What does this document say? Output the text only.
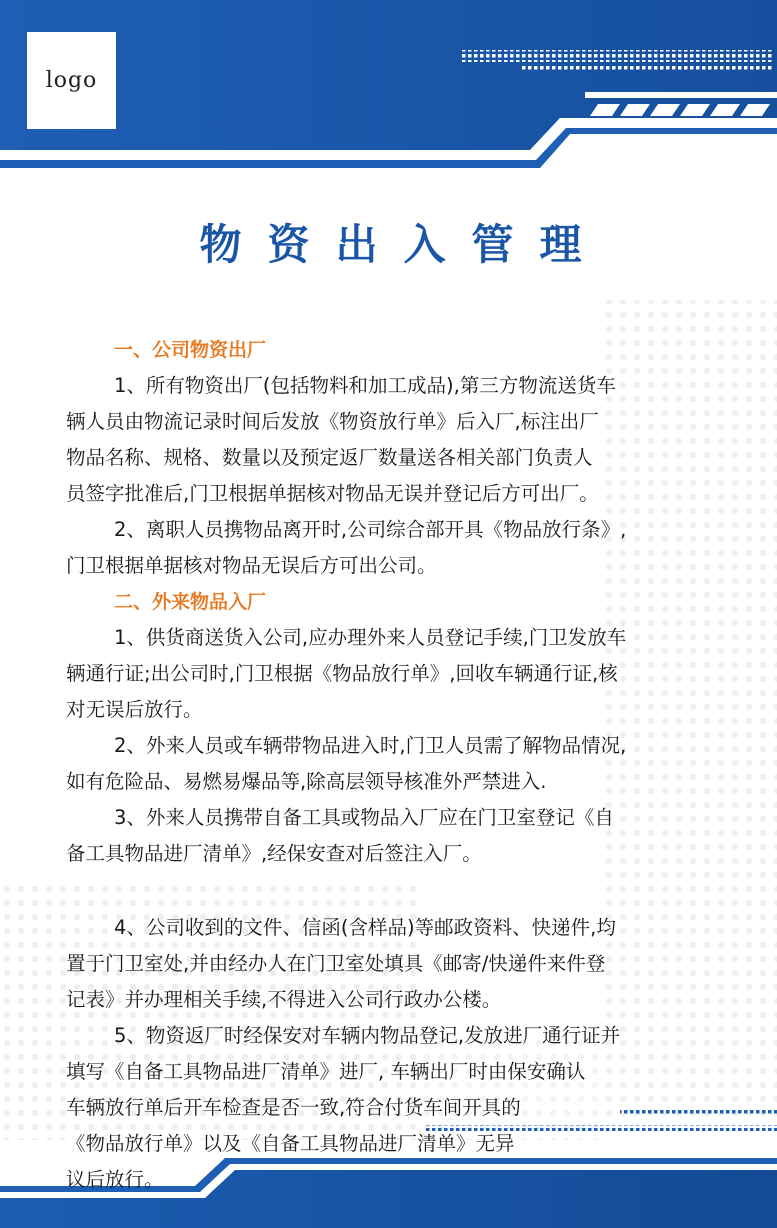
logo
物资出入管理
一、公司物资出厂
1、所有物资出厂(包括物料和加工成品),第三方物流送货车
辆人员由物流记录时间后发放《物资放行单》后入厂,标注出厂
物品名称、规格、数量以及预定返厂数量送各相关部门负责人
员签字批准后,门卫根据单据核对物品无误并登记后方可出厂。
2、离职人员携物品离开时,公司综合部开具《物品放行条》,
门卫根据单据核对物品无误后方可出公司。
二、外来物品入厂
1、供货商送货入公司,应办理外来人员登记手续,门卫发放车
辆通行证;出公司时,门卫根据《物品放行单》,回收车辆通行证,核
对无误后放行。
2、外来人员或车辆带物品进入时,门卫人员需了解物品情况,
如有危险品、易燃易爆品等,除高层领导核准外严禁进入.
3、外来人员携带自备工具或物品入厂应在门卫室登记《自
备工具物品进厂清单》,经保安查对后签注入厂。
4、公司收到的文件、信函(含样品)等邮政资料、快递件,均
置于门卫室处,并由经办人在门卫室处填具《邮寄/快递件来件登
记表》并办理相关手续,不得进入公司行政办公楼。
5、物资返厂时经保安对车辆内物品登记,发放进厂通行证并
填写《自备工具物品进厂清单》进厂, 车辆出厂时由保安确认
车辆放行单后开车检查是否一致,符合付货车间开具的
《物品放行单》以及《自备工具物品进厂清单》无异
议后放行。
